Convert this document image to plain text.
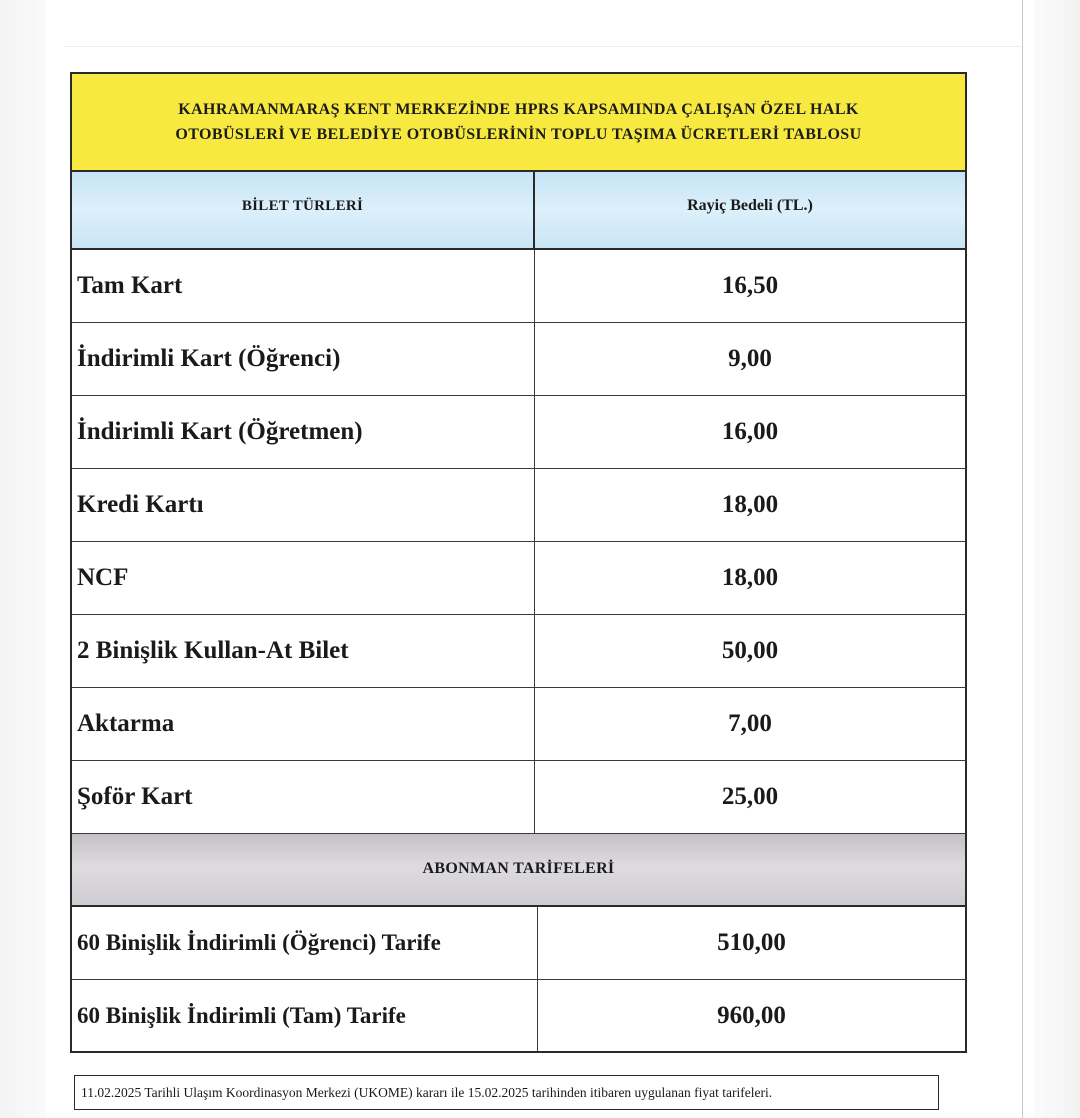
KAHRAMANMARAŞ KENT MERKEZİNDE HPRS KAPSAMINDA ÇALIŞAN ÖZEL HALK
OTOBÜSLERİ VE BELEDİYE OTOBÜSLERİNİN TOPLU TAŞIMA ÜCRETLERİ TABLOSU
BİLET TÜRLERİ	Rayiç Bedeli (TL.)
Tam Kart	16,50
İndirimli Kart (Öğrenci)	9,00
İndirimli Kart (Öğretmen)	16,00
Kredi Kartı	18,00
NCF	18,00
2 Binişlik Kullan-At Bilet	50,00
Aktarma	7,00
Şoför Kart	25,00
ABONMAN TARİFELERİ
60 Binişlik İndirimli (Öğrenci) Tarife	510,00
60 Binişlik İndirimli (Tam) Tarife	960,00
11.02.2025 Tarihli Ulaşım Koordinasyon Merkezi (UKOME) kararı ile 15.02.2025 tarihinden itibaren uygulanan fiyat tarifeleri.
